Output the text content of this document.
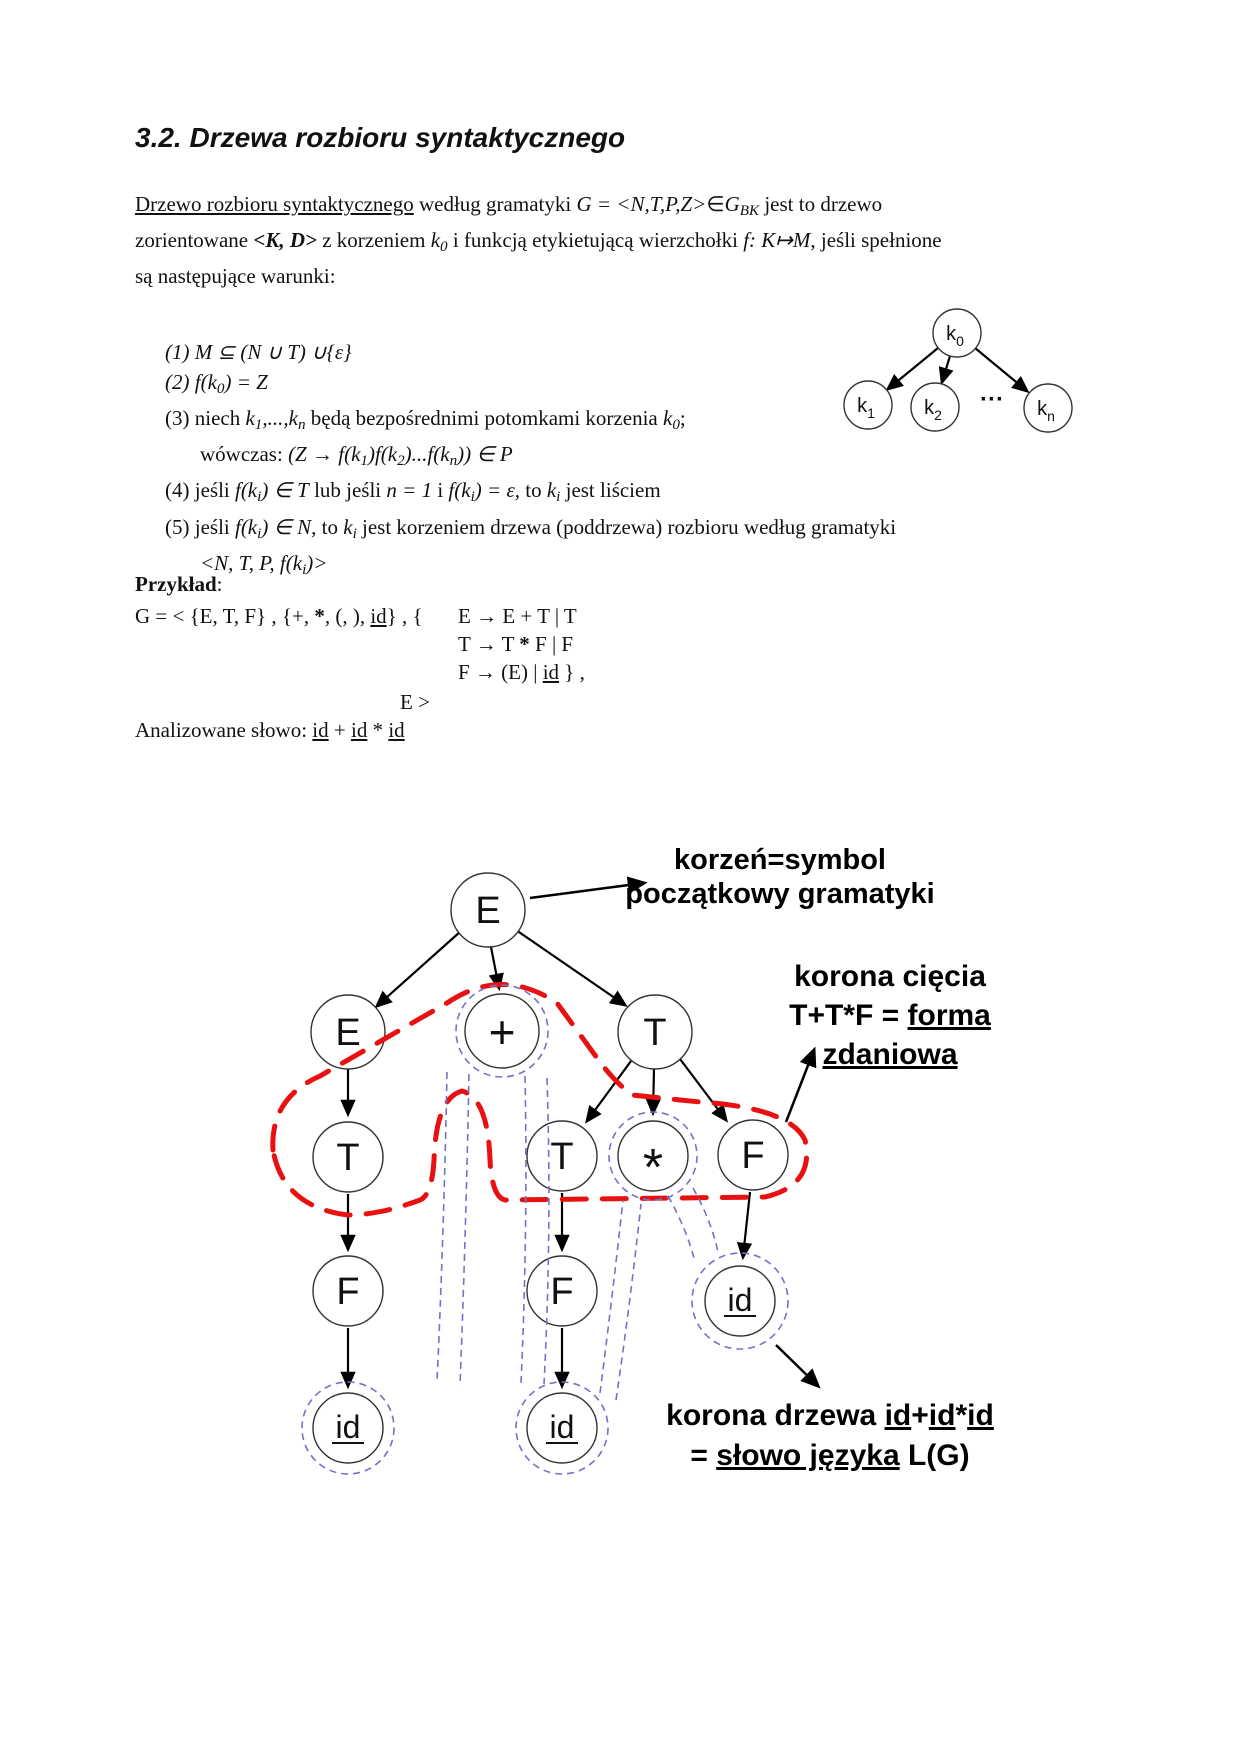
3.2. Drzewa rozbioru syntaktycznego

Drzewo rozbioru syntaktycznego według gramatyki G = <N,T,P,Z>∈GBK jest to drzewo zorientowane <K, D> z korzeniem k0 i funkcją etykietującą wierzchołki f: K↦M, jeśli spełnione są następujące warunki:

(1) M ⊆ (N ∪ T) ∪{ε}
(2) f(k0) = Z
(3) niech k1,...,kn będą bezpośrednimi potomkami korzenia k0;
wówczas: (Z → f(k1)f(k2)...f(kn)) ∈ P
(4) jeśli f(ki) ∈ T lub jeśli n = 1 i f(ki) = ε, to ki jest liściem
(5) jeśli f(ki) ∈ N, to ki jest korzeniem drzewa (poddrzewa) rozbioru według gramatyki
<N, T, P, f(ki)>
Przykład:
G = < {E, T, F} , {+, *, (, ), id} , { E → E + T | T
T → T * F | F
F → (E) | id } ,
E >
Analizowane słowo: id + id * id
$k_0$
$k_1$ $k_2$	$k_n$
···
E
E	+	T
T	T * F
F	F	id
id	id
korzeń=symbol
początkowy gramatyki
korona cięcia
T+T*F = forma
zdaniowa
korona drzewa id+id*id
= słowo języka L(G)
